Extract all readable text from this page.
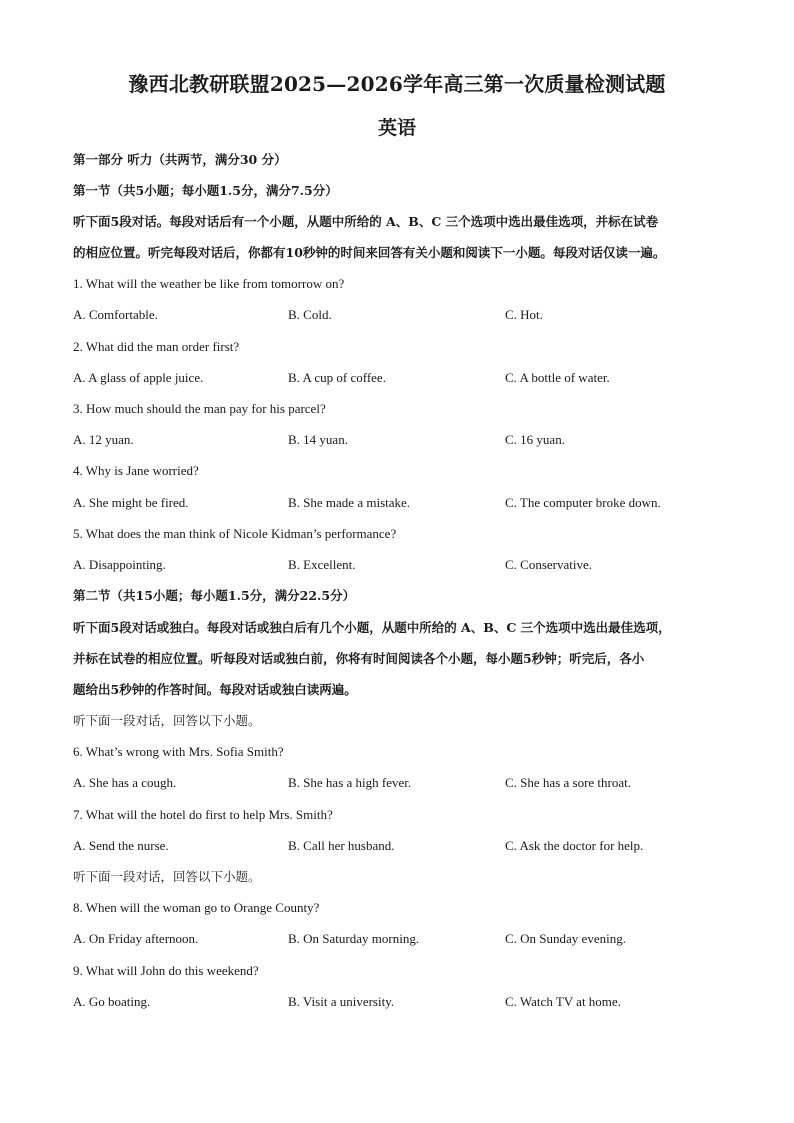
豫西北教研联盟2025—2026学年高三第一次质量检测试题
英语
第一部分 听力（共两节，满分30 分）
第一节（共5小题；每小题1.5分，满分7.5分）
听下面5段对话。每段对话后有一个小题，从题中所给的 A、B、C 三个选项中选出最佳选项，并标在试卷
的相应位置。听完每段对话后，你都有10秒钟的时间来回答有关小题和阅读下一小题。每段对话仅读一遍。
1. What will the weather be like from tomorrow on?
A. Comfortable.	B. Cold.	C. Hot.
2. What did the man order first?
A. A glass of apple juice.	B. A cup of coffee.	C. A bottle of water.
3. How much should the man pay for his parcel?
A. 12 yuan.	B. 14 yuan.	C. 16 yuan.
4. Why is Jane worried?
A. She might be fired.	B. She made a mistake.	C. The computer broke down.
5. What does the man think of Nicole Kidman’s performance?
A. Disappointing.	B. Excellent.	C. Conservative.
第二节（共15小题；每小题1.5分，满分22.5分）
听下面5段对话或独白。每段对话或独白后有几个小题，从题中所给的 A、B、C 三个选项中选出最佳选项，
并标在试卷的相应位置。听每段对话或独白前，你将有时间阅读各个小题，每小题5秒钟；听完后，各小
题给出5秒钟的作答时间。每段对话或独白读两遍。
听下面一段对话，回答以下小题。
6. What’s wrong with Mrs. Sofia Smith?
A. She has a cough.	B. She has a high fever.	C. She has a sore throat.
7. What will the hotel do first to help Mrs. Smith?
A. Send the nurse.	B. Call her husband.	C. Ask the doctor for help.
听下面一段对话，回答以下小题。
8. When will the woman go to Orange County?
A. On Friday afternoon.	B. On Saturday morning.	C. On Sunday evening.
9. What will John do this weekend?
A. Go boating.	B. Visit a university.	C. Watch TV at home.
